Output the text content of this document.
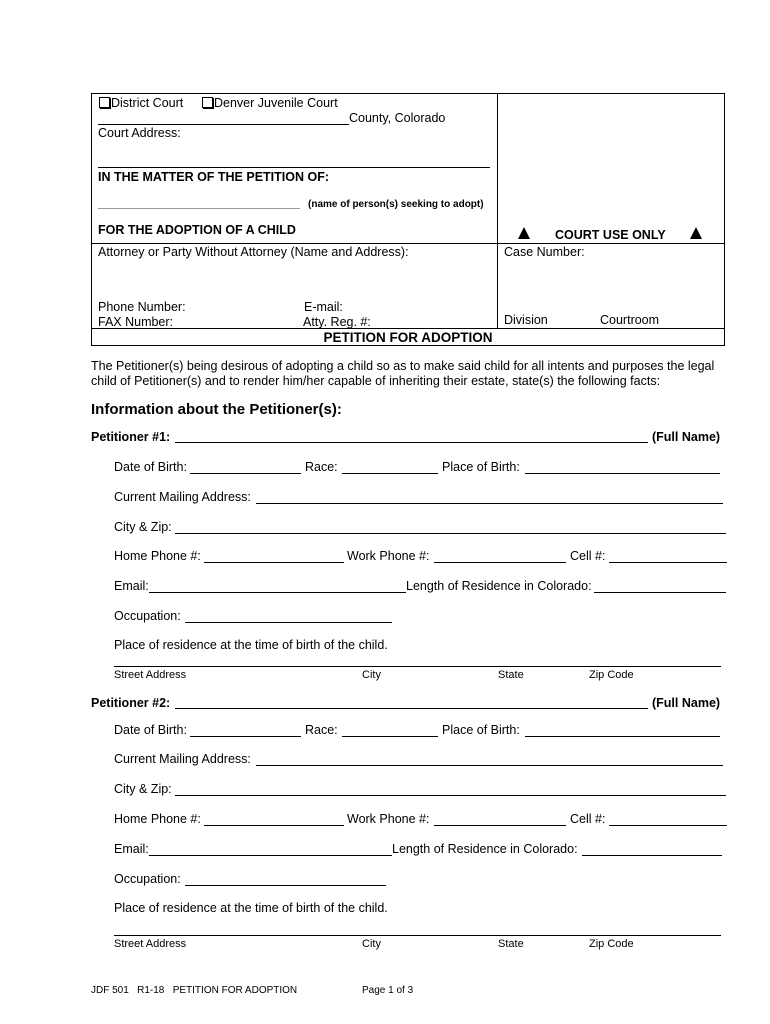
District Court	Denver Juvenile Court
County, Colorado
Court Address:
IN THE MATTER OF THE PETITION OF:
(name of person(s) seeking to adopt)
FOR THE ADOPTION OF A CHILD	COURT USE ONLY
Attorney or Party Without Attorney (Name and Address):	Case Number:
Phone Number:	E-mail:
FAX Number:	Atty. Reg. #:	Division	Courtroom
PETITION FOR ADOPTION
The Petitioner(s) being desirous of adopting a child so as to make said child for all intents and purposes the legal
child of Petitioner(s) and to render him/her capable of inheriting their estate, state(s) the following facts:
Information about the Petitioner(s):
Petitioner #1:	(Full Name)
Date of Birth:	Race:	Place of Birth:
Current Mailing Address:
City & Zip:
Home Phone #:	Work Phone #:	Cell #:
Email:	Length of Residence in Colorado:
Occupation:
Place of residence at the time of birth of the child.
Street Address	City	State	Zip Code
Petitioner #2:	(Full Name)
Date of Birth:	Race:	Place of Birth:
Current Mailing Address:
City & Zip:
Home Phone #:	Work Phone #:	Cell #:
Email:	Length of Residence in Colorado:
Occupation:
Place of residence at the time of birth of the child.
Street Address	City	State	Zip Code
JDF 501   R1-18   PETITION FOR ADOPTION	Page 1 of 3
